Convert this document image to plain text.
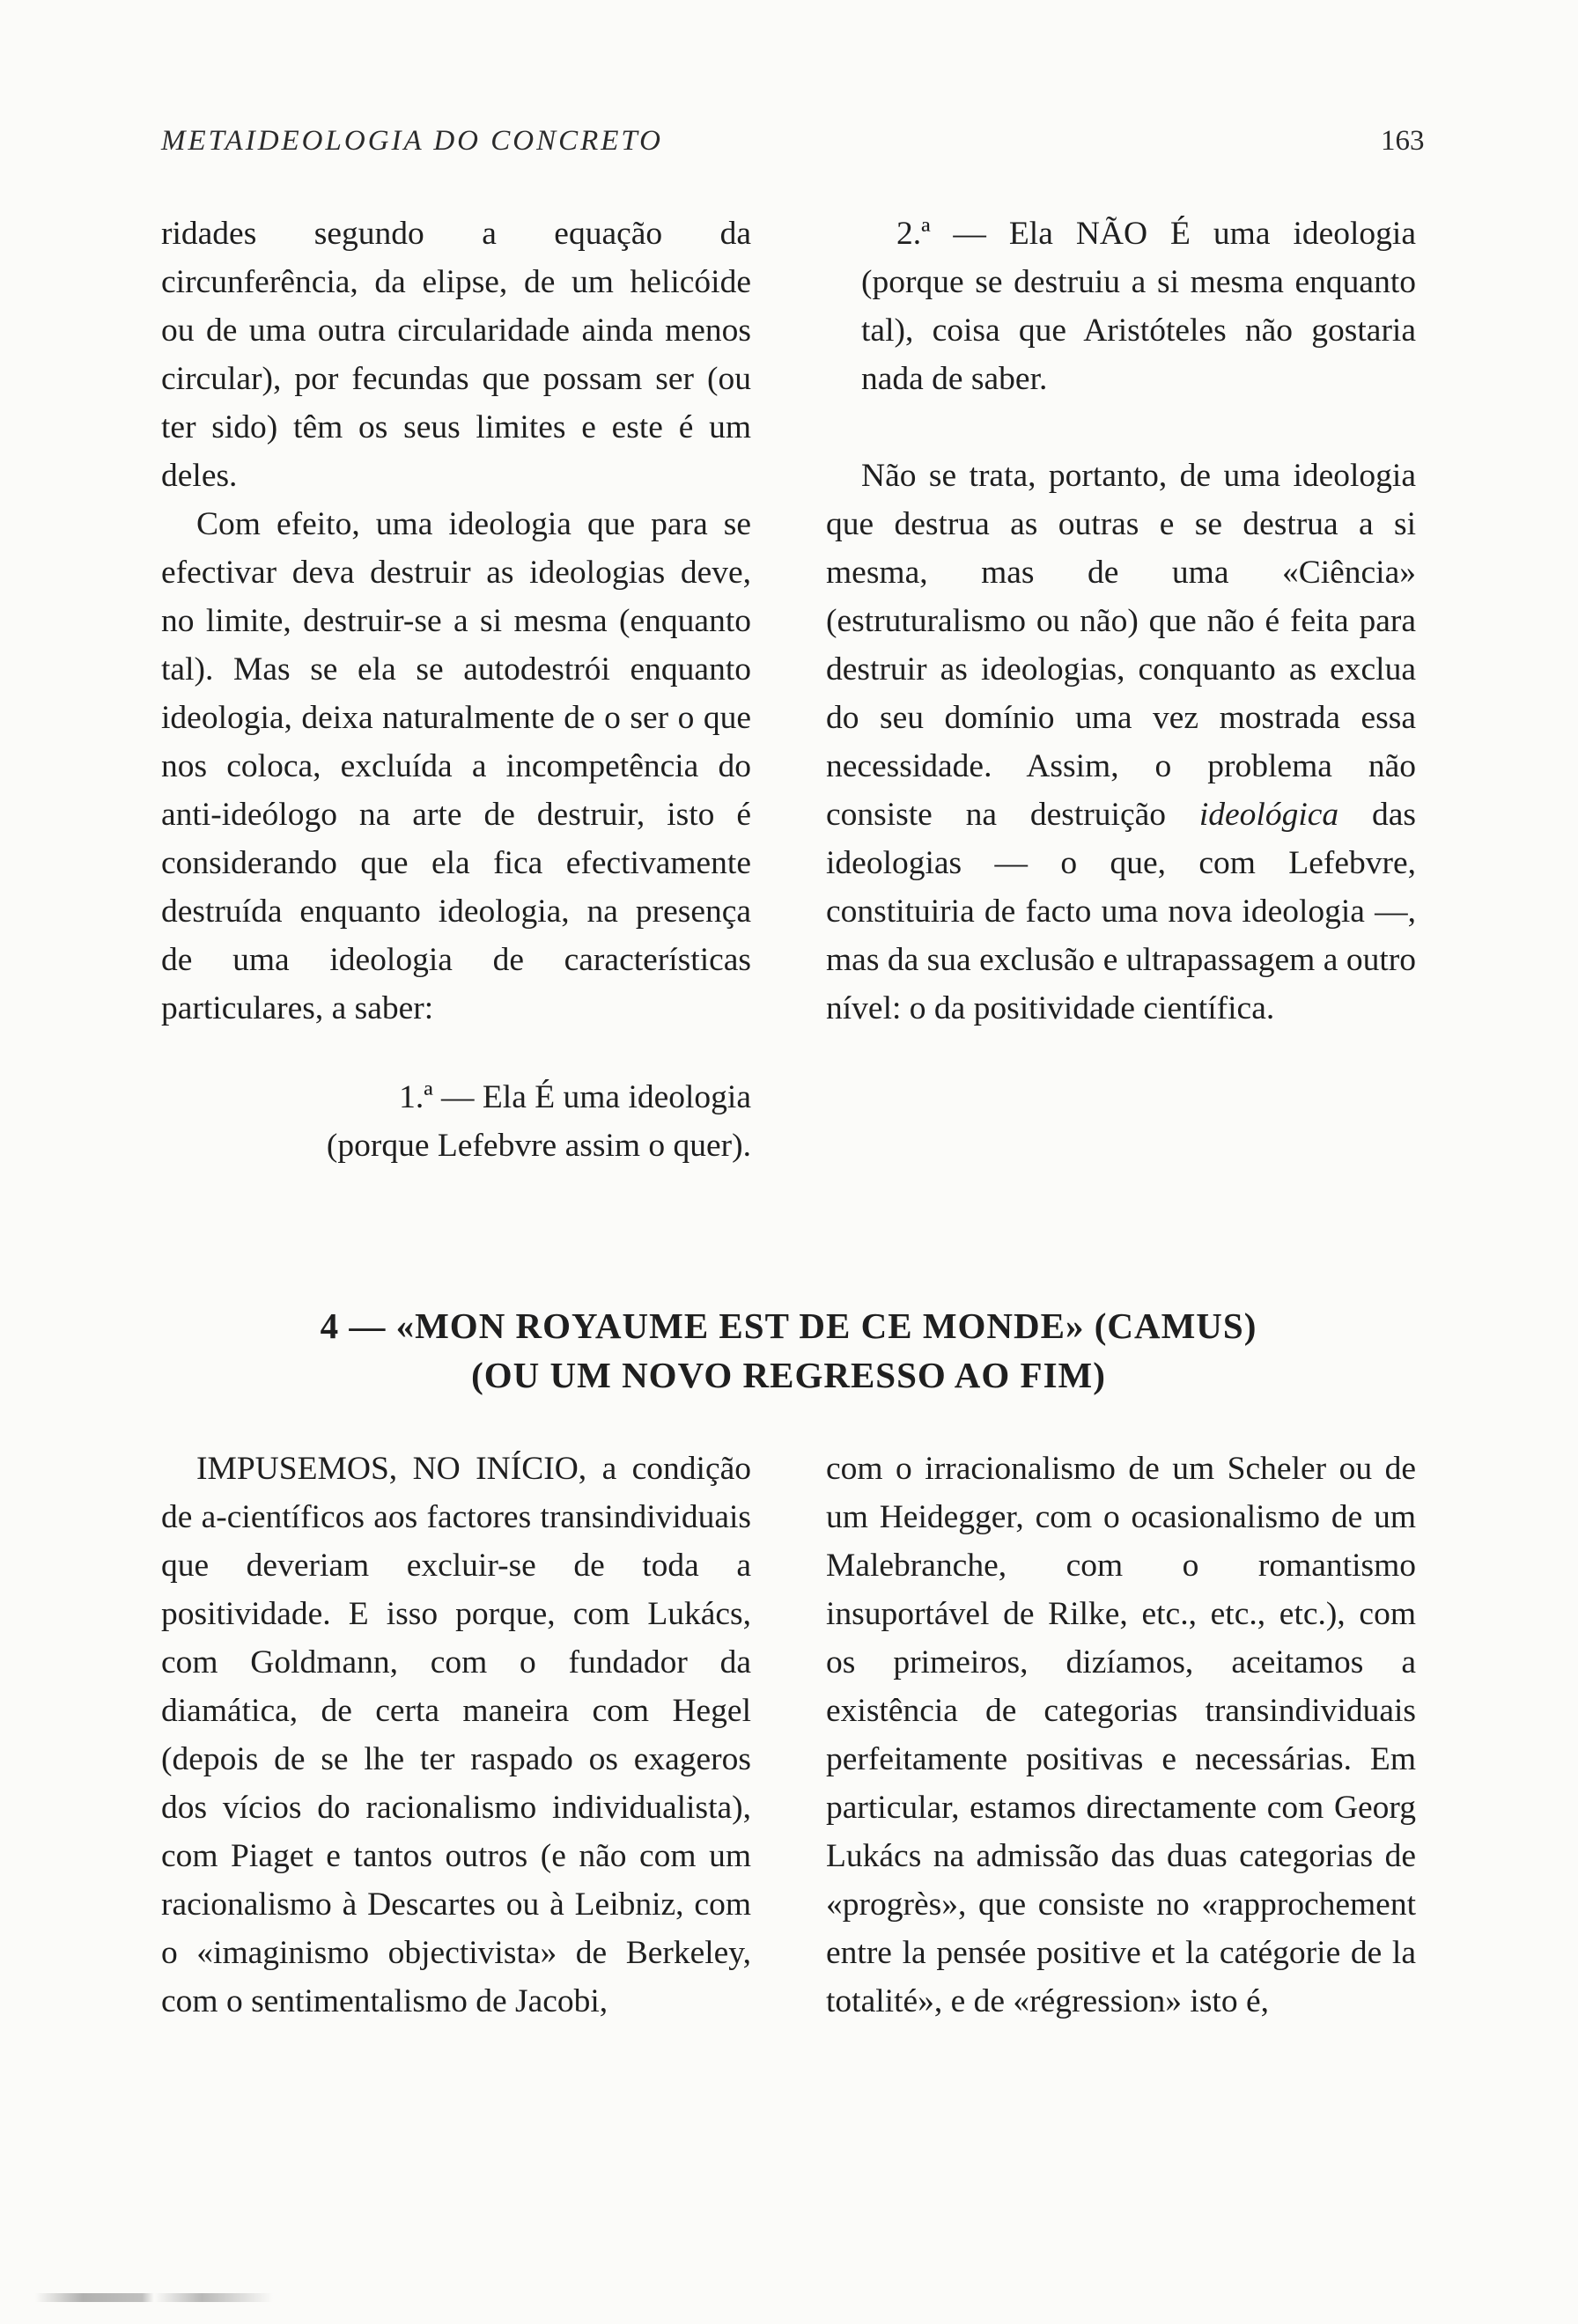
METAIDEOLOGIA DO CONCRETO	163

ridades segundo a equação da circunferência, da elipse, de um helicóide ou de uma outra circularidade ainda menos circular), por fecundas que possam ser (ou ter sido) têm os seus limites e este é um deles.

Com efeito, uma ideologia que para se efectivar deva destruir as ideologias deve, no limite, destruir-se a si mesma (enquanto tal). Mas se ela se autodestrói enquanto ideologia, deixa naturalmente de o ser o que nos coloca, excluída a incompetência do anti-ideólogo na arte de destruir, isto é considerando que ela fica efectivamente destruída enquanto ideologia, na presença de uma ideologia de características particulares, a saber:

1.ª — Ela É uma ideologia
(porque Lefebvre assim o quer).

2.ª — Ela NÃO É uma ideologia (porque se destruiu a si mesma enquanto tal), coisa que Aristóteles não gostaria nada de saber.

Não se trata, portanto, de uma ideologia que destrua as outras e se destrua a si mesma, mas de uma «Ciência» (estruturalismo ou não) que não é feita para destruir as ideologias, conquanto as exclua do seu domínio uma vez mostrada essa necessidade. Assim, o problema não consiste na destruição ideológica das ideologias — o que, com Lefebvre, constituiria de facto uma nova ideologia —, mas da sua exclusão e ultrapassagem a outro nível: o da positividade científica.

4 — «MON ROYAUME EST DE CE MONDE» (CAMUS)
(OU UM NOVO REGRESSO AO FIM)

IMPUSEMOS, NO INÍCIO, a condição de a-científicos aos factores transindividuais que deveriam excluir-se de toda a positividade. E isso porque, com Lukács, com Goldmann, com o fundador da diamática, de certa maneira com Hegel (depois de se lhe ter raspado os exageros dos vícios do racionalismo individualista), com Piaget e tantos outros (e não com um racionalismo à Descartes ou à Leibniz, com o «imaginismo objectivista» de Berkeley, com o sentimentalismo de Jacobi,

com o irracionalismo de um Scheler ou de um Heidegger, com o ocasionalismo de um Malebranche, com o romantismo insuportável de Rilke, etc., etc., etc.), com os primeiros, dizíamos, aceitamos a existência de categorias transindividuais perfeitamente positivas e necessárias. Em particular, estamos directamente com Georg Lukács na admissão das duas categorias de «progrès», que consiste no «rapprochement entre la pensée positive et la catégorie de la totalité», e de «régression» isto é,
